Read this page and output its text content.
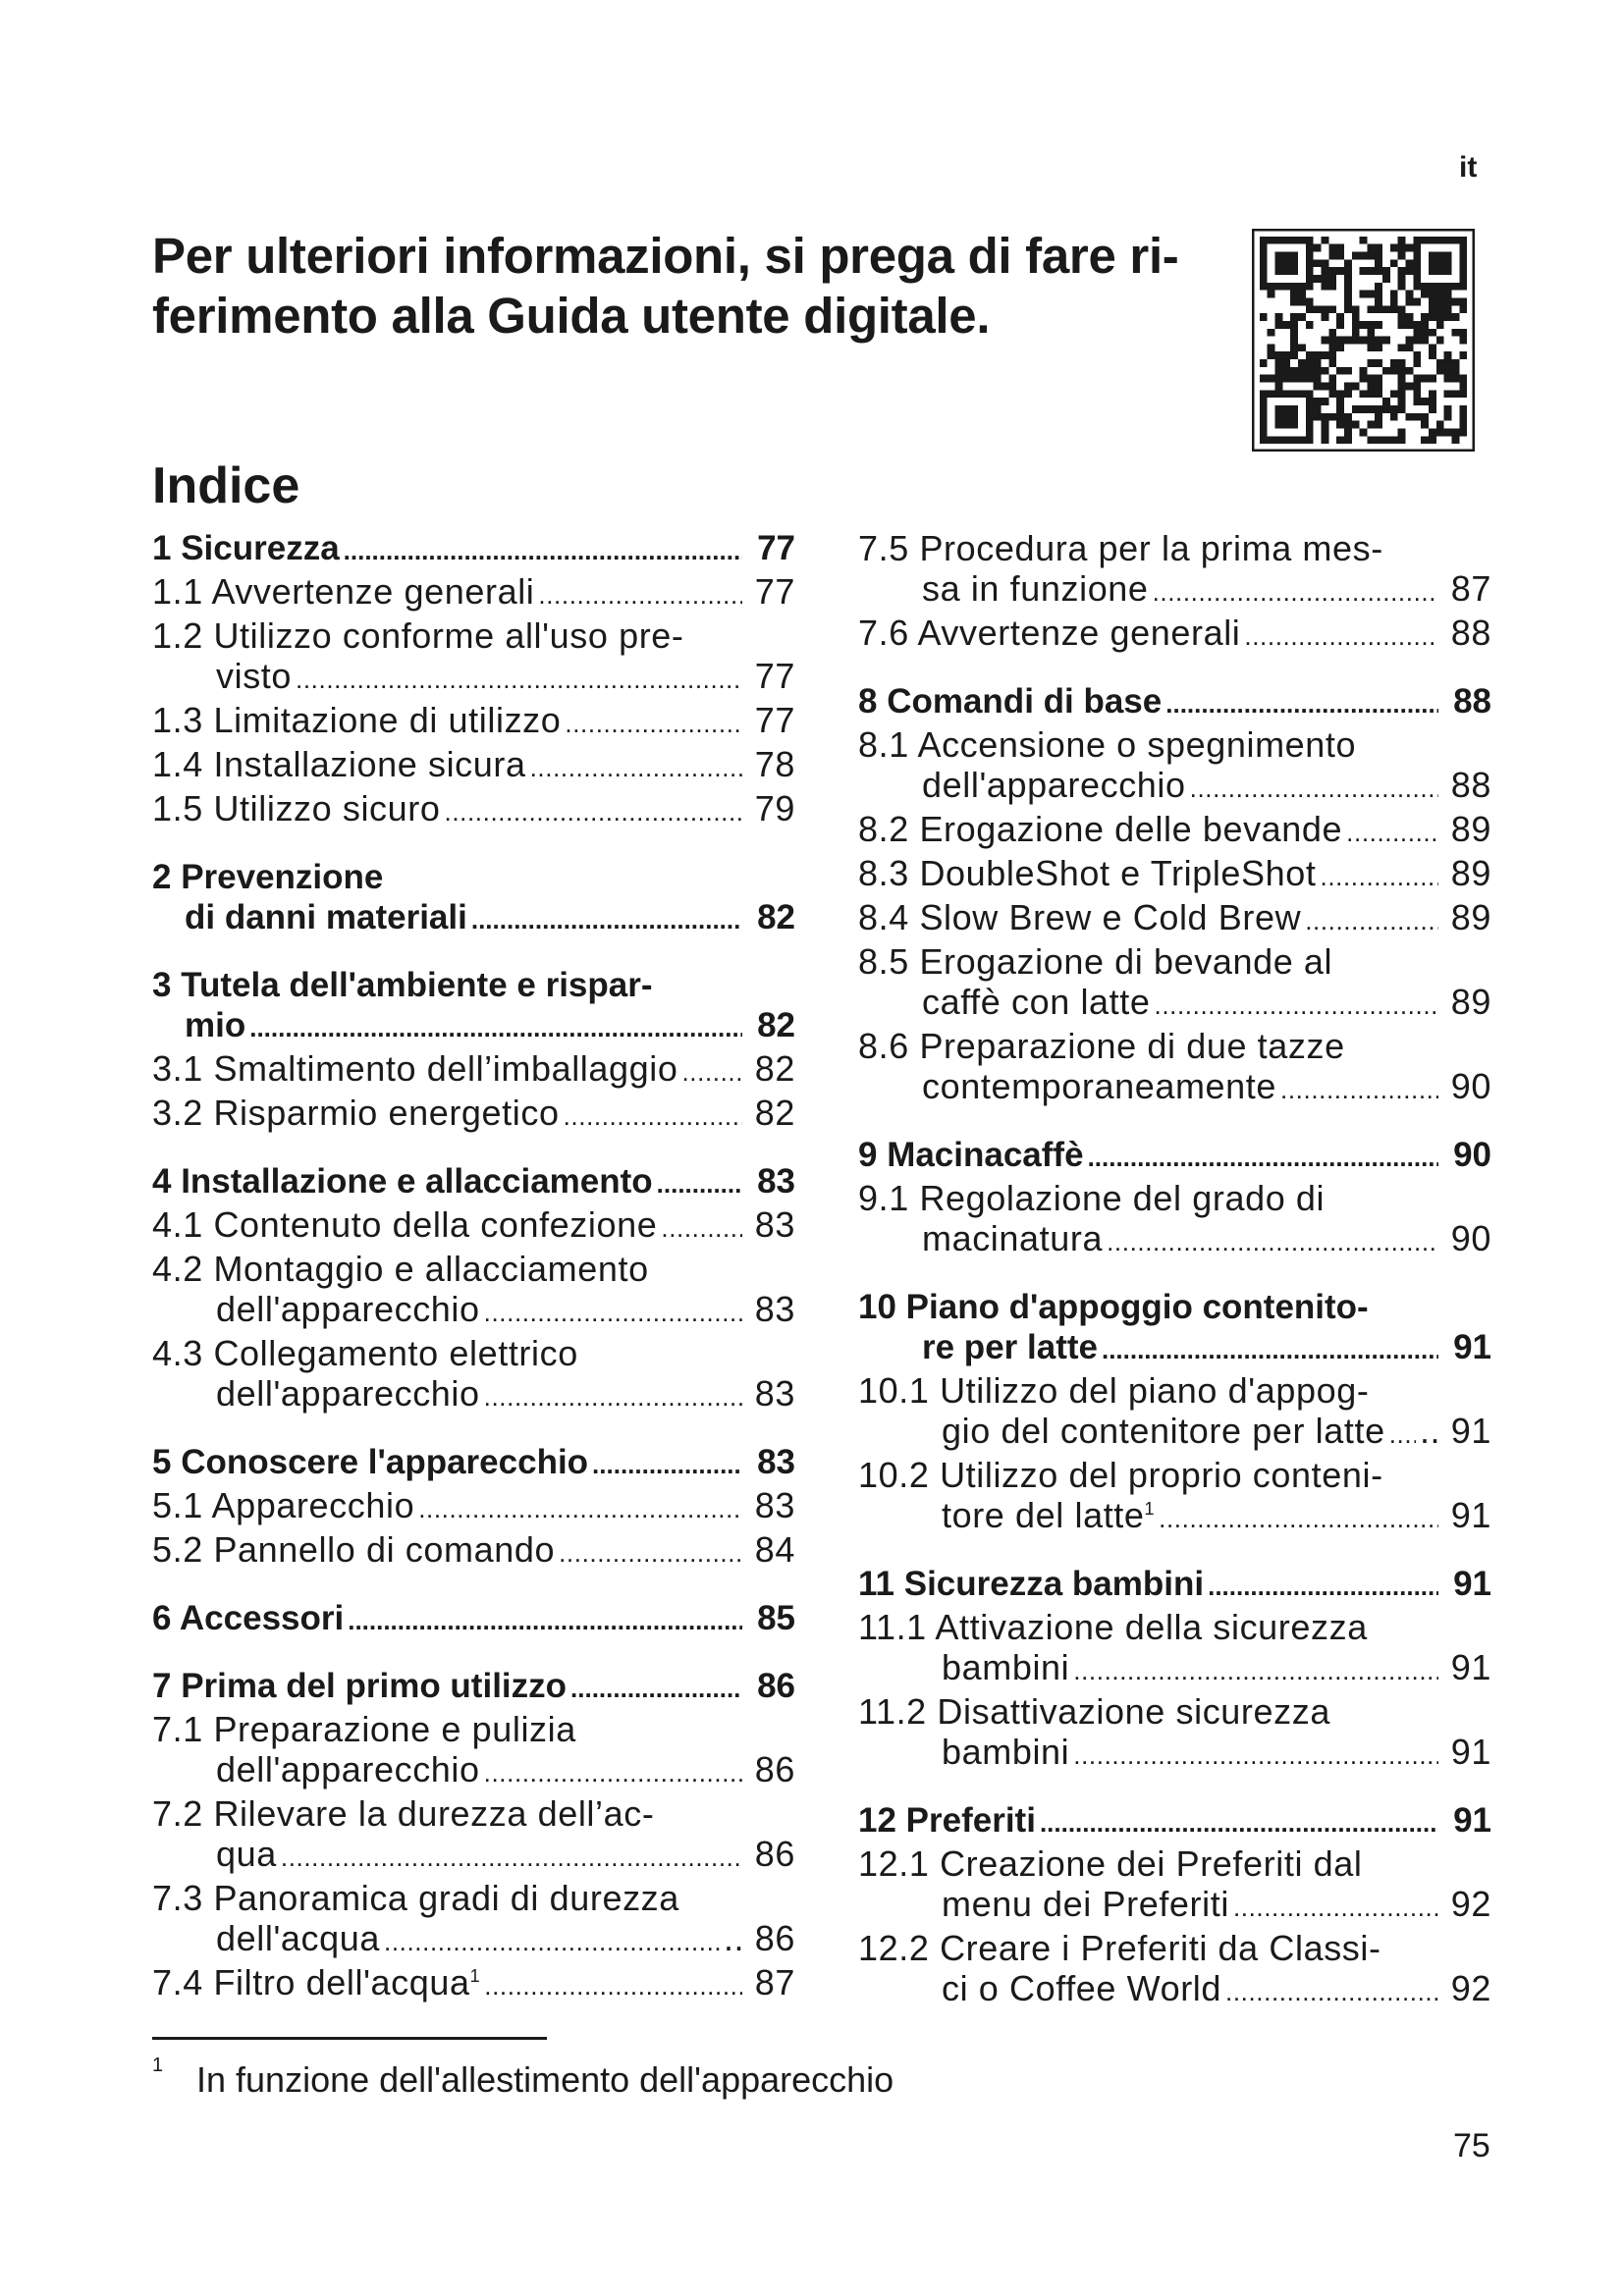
it
Per ulteriori informazioni, si prega di fare ri-
ferimento alla Guida utente digitale.
Indice
1 Sicurezza .....	77
1.1 Avvertenze generali .....	77
1.2 Utilizzo conforme all'uso pre-
visto .....	77
1.3 Limitazione di utilizzo .....	77
1.4 Installazione sicura .....	78
1.5 Utilizzo sicuro .....	79
2 Prevenzione
di danni materiali .....	82
3 Tutela dell'ambiente e rispar-
mio .....	82
3.1 Smaltimento dell’imballaggio ..... 82
3.2 Risparmio energetico .....	82
4 Installazione e allacciamento .....	83
4.1 Contenuto della confezione .....	83
4.2 Montaggio e allacciamento
dell'apparecchio .....	83
4.3 Collegamento elettrico
dell'apparecchio .....	83
5 Conoscere l'apparecchio .....	83
5.1 Apparecchio .....	83
5.2 Pannello di comando .....	84
6 Accessori .....	85
7 Prima del primo utilizzo .....	86
7.1 Preparazione e pulizia
dell'apparecchio .....	86
7.2 Rilevare la durezza dell’ac-
qua .....	86
7.3 Panoramica gradi di durezza
dell'acqua .....	.. 86
7.4 Filtro dell'acqua$^1$ .....	87
7.5 Procedura per la prima mes-
sa in funzione .....	87
7.6 Avvertenze generali .....	88
8 Comandi di base .....	88
8.1 Accensione o spegnimento
dell'apparecchio .....	88
8.2 Erogazione delle bevande .....	89
8.3 DoubleShot e TripleShot .....	89
8.4 Slow Brew e Cold Brew .....	89
8.5 Erogazione di bevande al
caffè con latte .....	89
8.6 Preparazione di due tazze
contemporaneamente .....	90
9 Macinacaffè .....	90
9.1 Regolazione del grado di
macinatura .....	90
10 Piano d'appoggio contenito-
re per latte .....	91
10.1 Utilizzo del piano d'appog-
gio del contenitore per latte ..... .. 91
10.2 Utilizzo del proprio conteni-
tore del latte$^1$ .....	91
11 Sicurezza bambini .....	91
11.1 Attivazione della sicurezza
bambini .....	91
11.2 Disattivazione sicurezza
bambini .....	91
12 Preferiti .....	91
12.1 Creazione dei Preferiti dal
menu dei Preferiti .....	92
12.2 Creare i Preferiti da Classi-
ci o Coffee World .....	92
1 In funzione dell'allestimento dell'apparecchio
75
